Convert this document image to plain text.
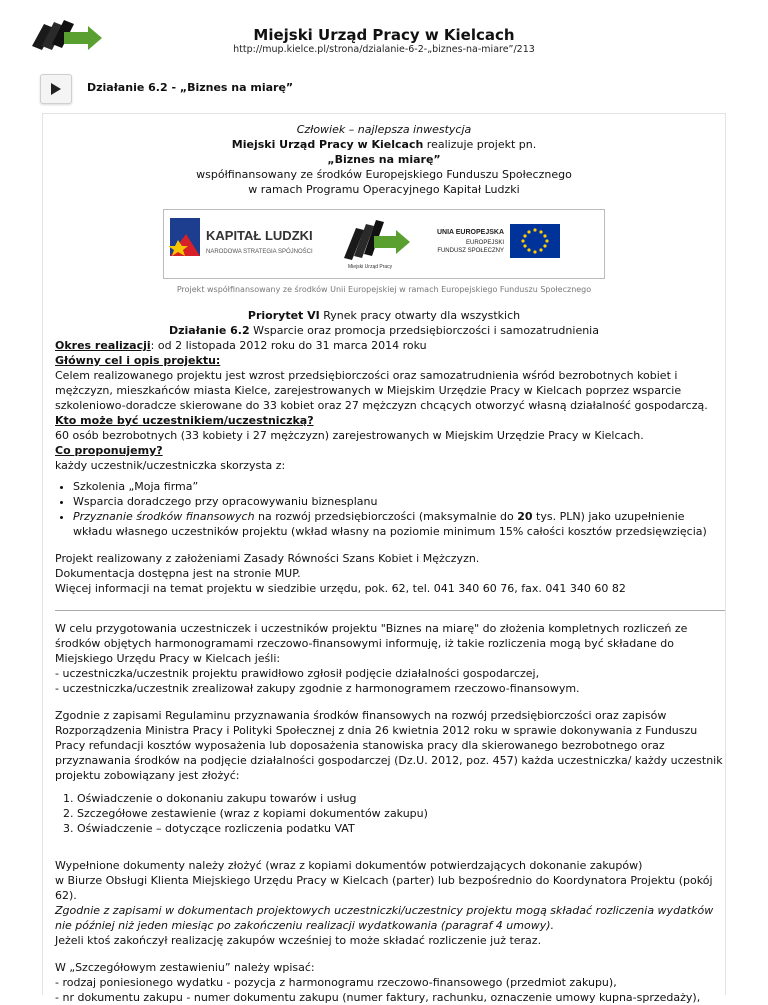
Miejski Urząd Pracy w Kielcach
http://mup.kielce.pl/strona/dzialanie-6-2-„biznes-na-miare”/213
Działanie 6.2 - „Biznes na miarę”
Człowiek – najlepsza inwestycja
Miejski Urząd Pracy w Kielcach realizuje projekt pn.
„Biznes na miarę”
współfinansowany ze środków Europejskiego Funduszu Społecznego
w ramach Programu Operacyjnego Kapitał Ludzki
KAPITAŁ LUDZKI
NARODOWA STRATEGIA SPÓJNOŚCI
Miejski Urząd Pracy
UNIA EUROPEJSKA
EUROPEJSKI
FUNDUSZ SPOŁECZNY
Projekt współfinansowany ze środków Unii Europejskiej w ramach Europejskiego Funduszu Społecznego
Priorytet VI Rynek pracy otwarty dla wszystkich
Działanie 6.2 Wsparcie oraz promocja przedsiębiorczości i samozatrudnienia
Okres realizacji: od 2 listopada 2012 roku do 31 marca 2014 roku
Główny cel i opis projektu:

Celem realizowanego projektu jest wzrost przedsiębiorczości oraz samozatrudnienia wśród bezrobotnych kobiet i mężczyzn, mieszkańców miasta Kielce, zarejestrowanych w Miejskim Urzędzie Pracy w Kielcach poprzez wsparcie szkoleniowo-doradcze skierowane do 33 kobiet oraz 27 mężczyzn chcących otworzyć własną działalność gospodarczą.

Kto może być uczestnikiem/uczestniczką?

60 osób bezrobotnych (33 kobiety i 27 mężczyzn) zarejestrowanych w Miejskim Urzędzie Pracy w Kielcach.

Co proponujemy?

każdy uczestnik/uczestniczka skorzysta z:

• Szkolenia „Moja firma”
• Wsparcia doradczego przy opracowywaniu biznesplanu
• Przyznanie środków finansowych na rozwój przedsiębiorczości (maksymalnie do 20 tys. PLN) jako uzupełnienie wkładu własnego uczestników projektu (wkład własny na poziomie minimum 15% całości kosztów przedsięwzięcia)

Projekt realizowany z założeniami Zasady Równości Szans Kobiet i Mężczyzn.

Dokumentacja dostępna jest na stronie MUP.

Więcej informacji na temat projektu w siedzibie urzędu, pok. 62, tel. 041 340 60 76, fax. 041 340 60 82

W celu przygotowania uczestniczek i uczestników projektu "Biznes na miarę" do złożenia kompletnych rozliczeń ze środków objętych harmonogramami rzeczowo-finansowymi informuję, iż takie rozliczenia mogą być składane do Miejskiego Urzędu Pracy w Kielcach jeśli:

- uczestniczka/uczestnik projektu prawidłowo zgłosił podjęcie działalności gospodarczej,

- uczestniczka/uczestnik zrealizował zakupy zgodnie z harmonogramem rzeczowo-finansowym.

Zgodnie z zapisami Regulaminu przyznawania środków finansowych na rozwój przedsiębiorczości oraz zapisów Rozporządzenia Ministra Pracy i Polityki Społecznej z dnia 26 kwietnia 2012 roku w sprawie dokonywania z Funduszu Pracy refundacji kosztów wyposażenia lub doposażenia stanowiska pracy dla skierowanego bezrobotnego oraz przyznawania środków na podjęcie działalności gospodarczej (Dz.U. 2012, poz. 457) każda uczestniczka/ każdy uczestnik projektu zobowiązany jest złożyć:

1. Oświadczenie o dokonaniu zakupu towarów i usług
2. Szczegółowe zestawienie (wraz z kopiami dokumentów zakupu)
3. Oświadczenie – dotyczące rozliczenia podatku VAT

Wypełnione dokumenty należy złożyć (wraz z kopiami dokumentów potwierdzających dokonanie zakupów)

w Biurze Obsługi Klienta Miejskiego Urzędu Pracy w Kielcach (parter) lub bezpośrednio do Koordynatora Projektu (pokój 62).

Zgodnie z zapisami w dokumentach projektowych uczestniczki/uczestnicy projektu mogą składać rozliczenia wydatków

nie później niż jeden miesiąc po zakończeniu realizacji wydatkowania (paragraf 4 umowy).

Jeżeli ktoś zakończył realizację zakupów wcześniej to może składać rozliczenie już teraz.

W „Szczegółowym zestawieniu” należy wpisać:

- rodzaj poniesionego wydatku - pozycja z harmonogramu rzeczowo-finansowego (przedmiot zakupu),

- nr dokumentu zakupu - numer dokumentu zakupu (numer faktury, rachunku, oznaczenie umowy kupna-sprzedaży),
